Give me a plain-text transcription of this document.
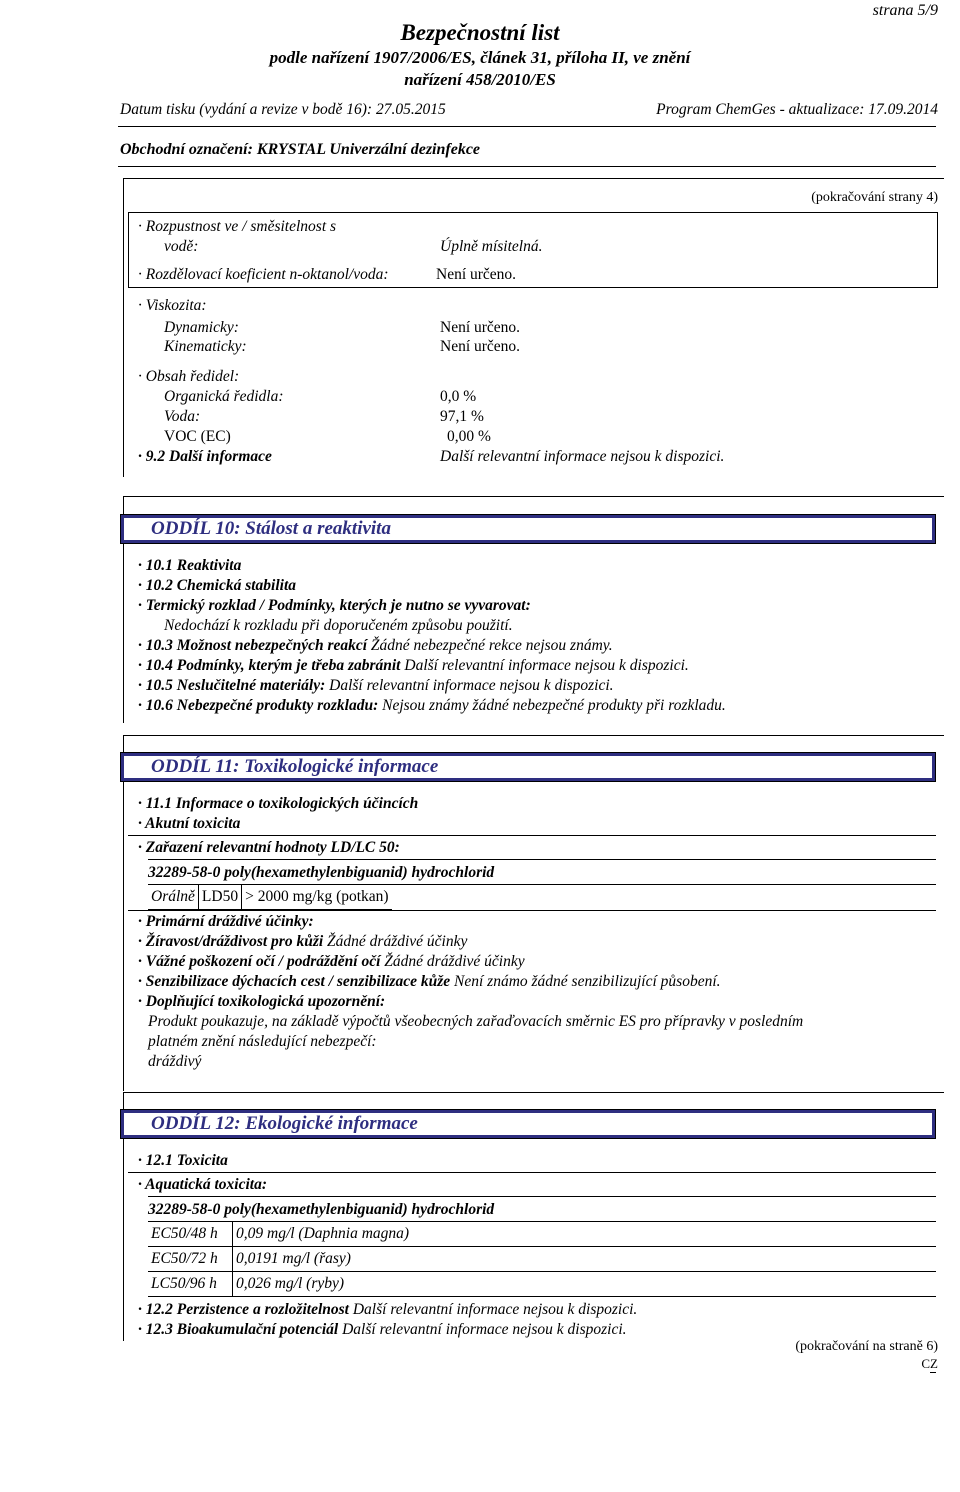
strana 5/9
Bezpečnostní list
podle nařízení 1907/2006/ES, článek 31, příloha II, ve znění
nařízení 458/2010/ES
Datum tisku (vydání a revize v bodě 16): 27.05.2015	Program ChemGes - aktualizace: 17.09.2014
Obchodní označení: KRYSTAL Univerzální dezinfekce
(pokračování strany 4)
· Rozpustnost ve / směsitelnost s
vodě:	Úplně mísitelná.
· Rozdělovací koeficient n-oktanol/voda:	Není určeno.
· Viskozita:
Dynamicky:	Není určeno.
Kinematicky:	Není určeno.
· Obsah ředidel:
Organická ředidla:	0,0 %
Voda:	97,1 %
VOC (EC)	0,00 %
· 9.2 Další informace	Další relevantní informace nejsou k dispozici.
ODDÍL 10: Stálost a reaktivita
· 10.1 Reaktivita
· 10.2 Chemická stabilita
· Termický rozklad / Podmínky, kterých je nutno se vyvarovat:
Nedochází k rozkladu při doporučeném způsobu použití.
· 10.3 Možnost nebezpečných reakcí Žádné nebezpečné rekce nejsou známy.
· 10.4 Podmínky, kterým je třeba zabránit Další relevantní informace nejsou k dispozici.
· 10.5 Neslučitelné materiály: Další relevantní informace nejsou k dispozici.
· 10.6 Nebezpečné produkty rozkladu: Nejsou známy žádné nebezpečné produkty při rozkladu.
ODDÍL 11: Toxikologické informace
· 11.1 Informace o toxikologických účincích
· Akutní toxicita
· Zařazení relevantní hodnoty LD/LC 50:
32289-58-0 poly(hexamethylenbiguanid) hydrochlorid
Orálně	LD50	> 2000 mg/kg (potkan)
· Primární dráždivé účinky:
· Žíravost/dráždivost pro kůži Žádné dráždivé účinky
· Vážné poškození očí / podráždění očí Žádné dráždivé účinky
· Senzibilizace dýchacích cest / senzibilizace kůže Není známo žádné senzibilizující působení.
· Doplňující toxikologická upozornění:
Produkt poukazuje, na základě výpočtů všeobecných zařaďovacích směrnic ES pro přípravky v posledním
platném znění následující nebezpečí:
dráždivý
ODDÍL 12: Ekologické informace
· 12.1 Toxicita
· Aquatická toxicita:
32289-58-0 poly(hexamethylenbiguanid) hydrochlorid
EC50/48 h	0,09 mg/l (Daphnia magna)
EC50/72 h	0,0191 mg/l (řasy)
LC50/96 h	0,026 mg/l (ryby)
· 12.2 Perzistence a rozložitelnost Další relevantní informace nejsou k dispozici.
· 12.3 Bioakumulační potenciál Další relevantní informace nejsou k dispozici.
(pokračování na straně 6)
CZ
